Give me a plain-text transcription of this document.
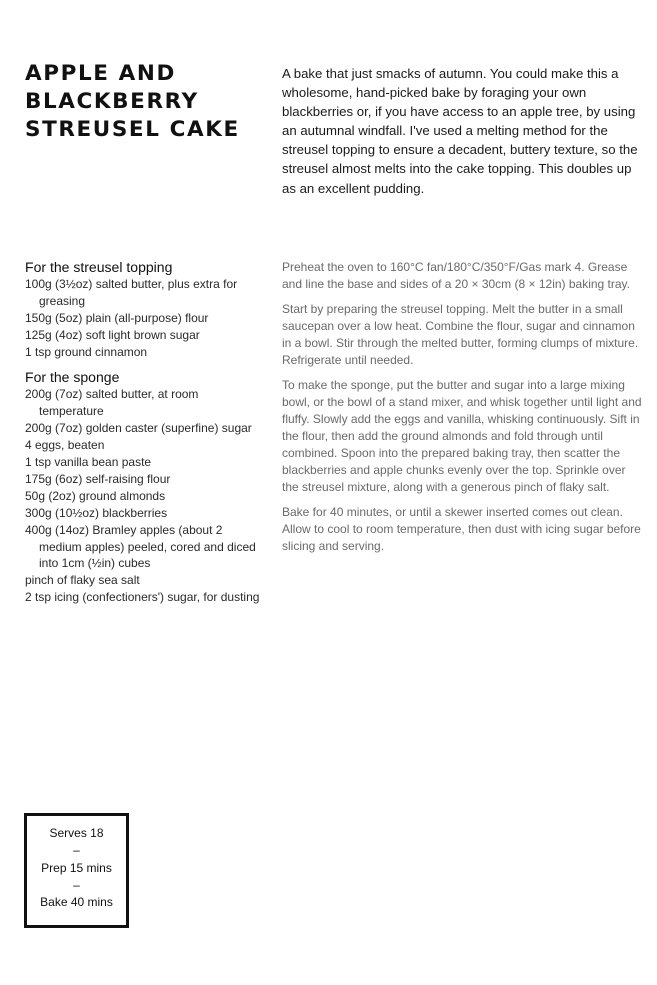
APPLE AND
BLACKBERRY
STREUSEL CAKE

A bake that just smacks of autumn. You could make this a wholesome, hand-picked bake by foraging your own blackberries or, if you have access to an apple tree, by using an autumnal windfall. I've used a melting method for the streusel topping to ensure a decadent, buttery texture, so the streusel almost melts into the cake topping. This doubles up as an excellent pudding.

For the streusel topping
100g (3½oz) salted butter, plus extra for greasing
150g (5oz) plain (all-purpose) flour
125g (4oz) soft light brown sugar
1 tsp ground cinnamon
For the sponge
200g (7oz) salted butter, at room temperature
200g (7oz) golden caster (superfine) sugar
4 eggs, beaten
1 tsp vanilla bean paste
175g (6oz) self-raising flour
50g (2oz) ground almonds
300g (10½oz) blackberries
400g (14oz) Bramley apples (about 2 medium apples) peeled, cored and diced into 1cm (½in) cubes
pinch of flaky sea salt
2 tsp icing (confectioners') sugar, for dusting

Preheat the oven to 160°C fan/180°C/350°F/Gas mark 4. Grease and line the base and sides of a 20 × 30cm (8 × 12in) baking tray.

Start by preparing the streusel topping. Melt the butter in a small saucepan over a low heat. Combine the flour, sugar and cinnamon in a bowl. Stir through the melted butter, forming clumps of mixture. Refrigerate until needed.

To make the sponge, put the butter and sugar into a large mixing bowl, or the bowl of a stand mixer, and whisk together until light and fluffy. Slowly add the eggs and vanilla, whisking continuously. Sift in the flour, then add the ground almonds and fold through until combined. Spoon into the prepared baking tray, then scatter the blackberries and apple chunks evenly over the top. Sprinkle over the streusel mixture, along with a generous pinch of flaky salt.

Bake for 40 minutes, or until a skewer inserted comes out clean. Allow to cool to room temperature, then dust with icing sugar before slicing and serving.

Serves 18
–
Prep 15 mins
–
Bake 40 mins
